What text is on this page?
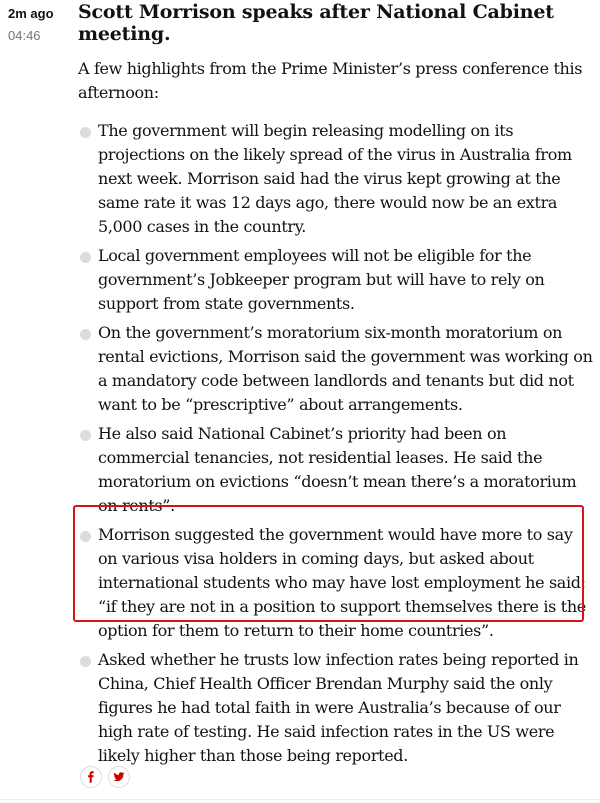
2m ago
04:46
Scott Morrison speaks after National Cabinet meeting.

A few highlights from the Prime Minister’s press conference this afternoon:

The government will begin releasing modelling on its projections on the likely spread of the virus in Australia from next week. Morrison said had the virus kept growing at the same rate it was 12 days ago, there would now be an extra 5,000 cases in the country.
Local government employees will not be eligible for the government’s Jobkeeper program but will have to rely on support from state governments.
On the government’s moratorium six-month moratorium on rental evictions, Morrison said the government was working on a mandatory code between landlords and tenants but did not want to be “prescriptive” about arrangements.
He also said National Cabinet’s priority had been on commercial tenancies, not residential leases. He said the moratorium on evictions “doesn’t mean there’s a moratorium on rents”.
Morrison suggested the government would have more to say on various visa holders in coming days, but asked about international students who may have lost employment he said: “if they are not in a position to support themselves there is the option for them to return to their home countries”.
Asked whether he trusts low infection rates being reported in China, Chief Health Officer Brendan Murphy said the only figures he had total faith in were Australia’s because of our high rate of testing. He said infection rates in the US were likely higher than those being reported.
